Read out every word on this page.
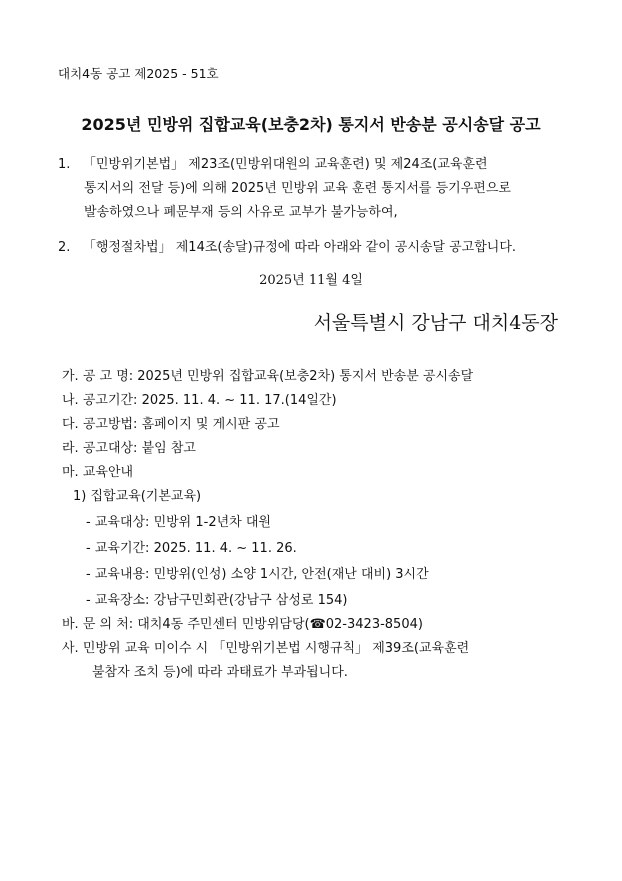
대치4동 공고 제2025 - 51호
2025년 민방위 집합교육(보충2차) 통지서 반송분 공시송달 공고
1. 「민방위기본법」 제23조(민방위대원의 교육훈련) 및 제24조(교육훈련
통지서의 전달 등)에 의해 2025년 민방위 교육 훈련 통지서를 등기우편으로
발송하였으나 폐문부재 등의 사유로 교부가 불가능하여,
2. 「행정절차법」 제14조(송달)규정에 따라 아래와 같이 공시송달 공고합니다.
2025년 11월 4일
서울특별시 강남구 대치4동장
가. 공 고 명: 2025년 민방위 집합교육(보충2차) 통지서 반송분 공시송달
나. 공고기간: 2025. 11. 4. ~ 11. 17.(14일간)
다. 공고방법: 홈페이지 및 게시판 공고
라. 공고대상: 붙임 참고
마. 교육안내
1) 집합교육(기본교육)
- 교육대상: 민방위 1-2년차 대원
- 교육기간: 2025. 11. 4. ~ 11. 26.
- 교육내용: 민방위(인성) 소양 1시간, 안전(재난 대비) 3시간
- 교육장소: 강남구민회관(강남구 삼성로 154)
바. 문 의 처: 대치4동 주민센터 민방위담당(☎02-3423-8504)
사. 민방위 교육 미이수 시 「민방위기본법 시행규칙」 제39조(교육훈련
불참자 조치 등)에 따라 과태료가 부과됩니다.
